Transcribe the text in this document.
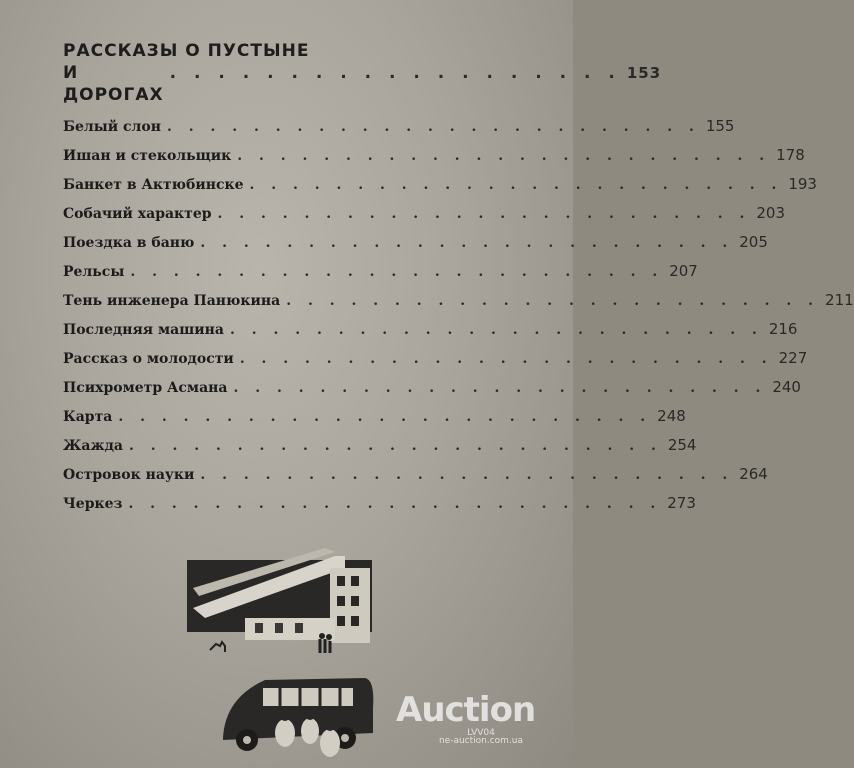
РАССКАЗЫ О ПУСТЫНЕ
И ДОРОГАХ
. . . . . . . . . . . . . . . . . . . 153
Белый слон . . . . . . . . . . . . . . . . . . . . . . . . . 155
Ишан и стекольщик . . . . . . . . . . . . . . . . . . . . . . . . . 178
Банкет в Актюбинске . . . . . . . . . . . . . . . . . . . . . . . . . 193
Собачий характер . . . . . . . . . . . . . . . . . . . . . . . . . 203
Поездка в баню . . . . . . . . . . . . . . . . . . . . . . . . . 205
Рельсы . . . . . . . . . . . . . . . . . . . . . . . . . 207
Тень инженера Панюкина . . . . . . . . . . . . . . . . . . . . . . . . . 211
Последняя машина . . . . . . . . . . . . . . . . . . . . . . . . . 216
Рассказ о молодости . . . . . . . . . . . . . . . . . . . . . . . . . 227
Психрометр Асмана . . . . . . . . . . . . . . . . . . . . . . . . . 240
Карта . . . . . . . . . . . . . . . . . . . . . . . . . 248
Жажда . . . . . . . . . . . . . . . . . . . . . . . . . 254
Островок науки . . . . . . . . . . . . . . . . . . . . . . . . . 264
Черкез . . . . . . . . . . . . . . . . . . . . . . . . . 273
Auction
LVV04
ne-auction.com.ua
